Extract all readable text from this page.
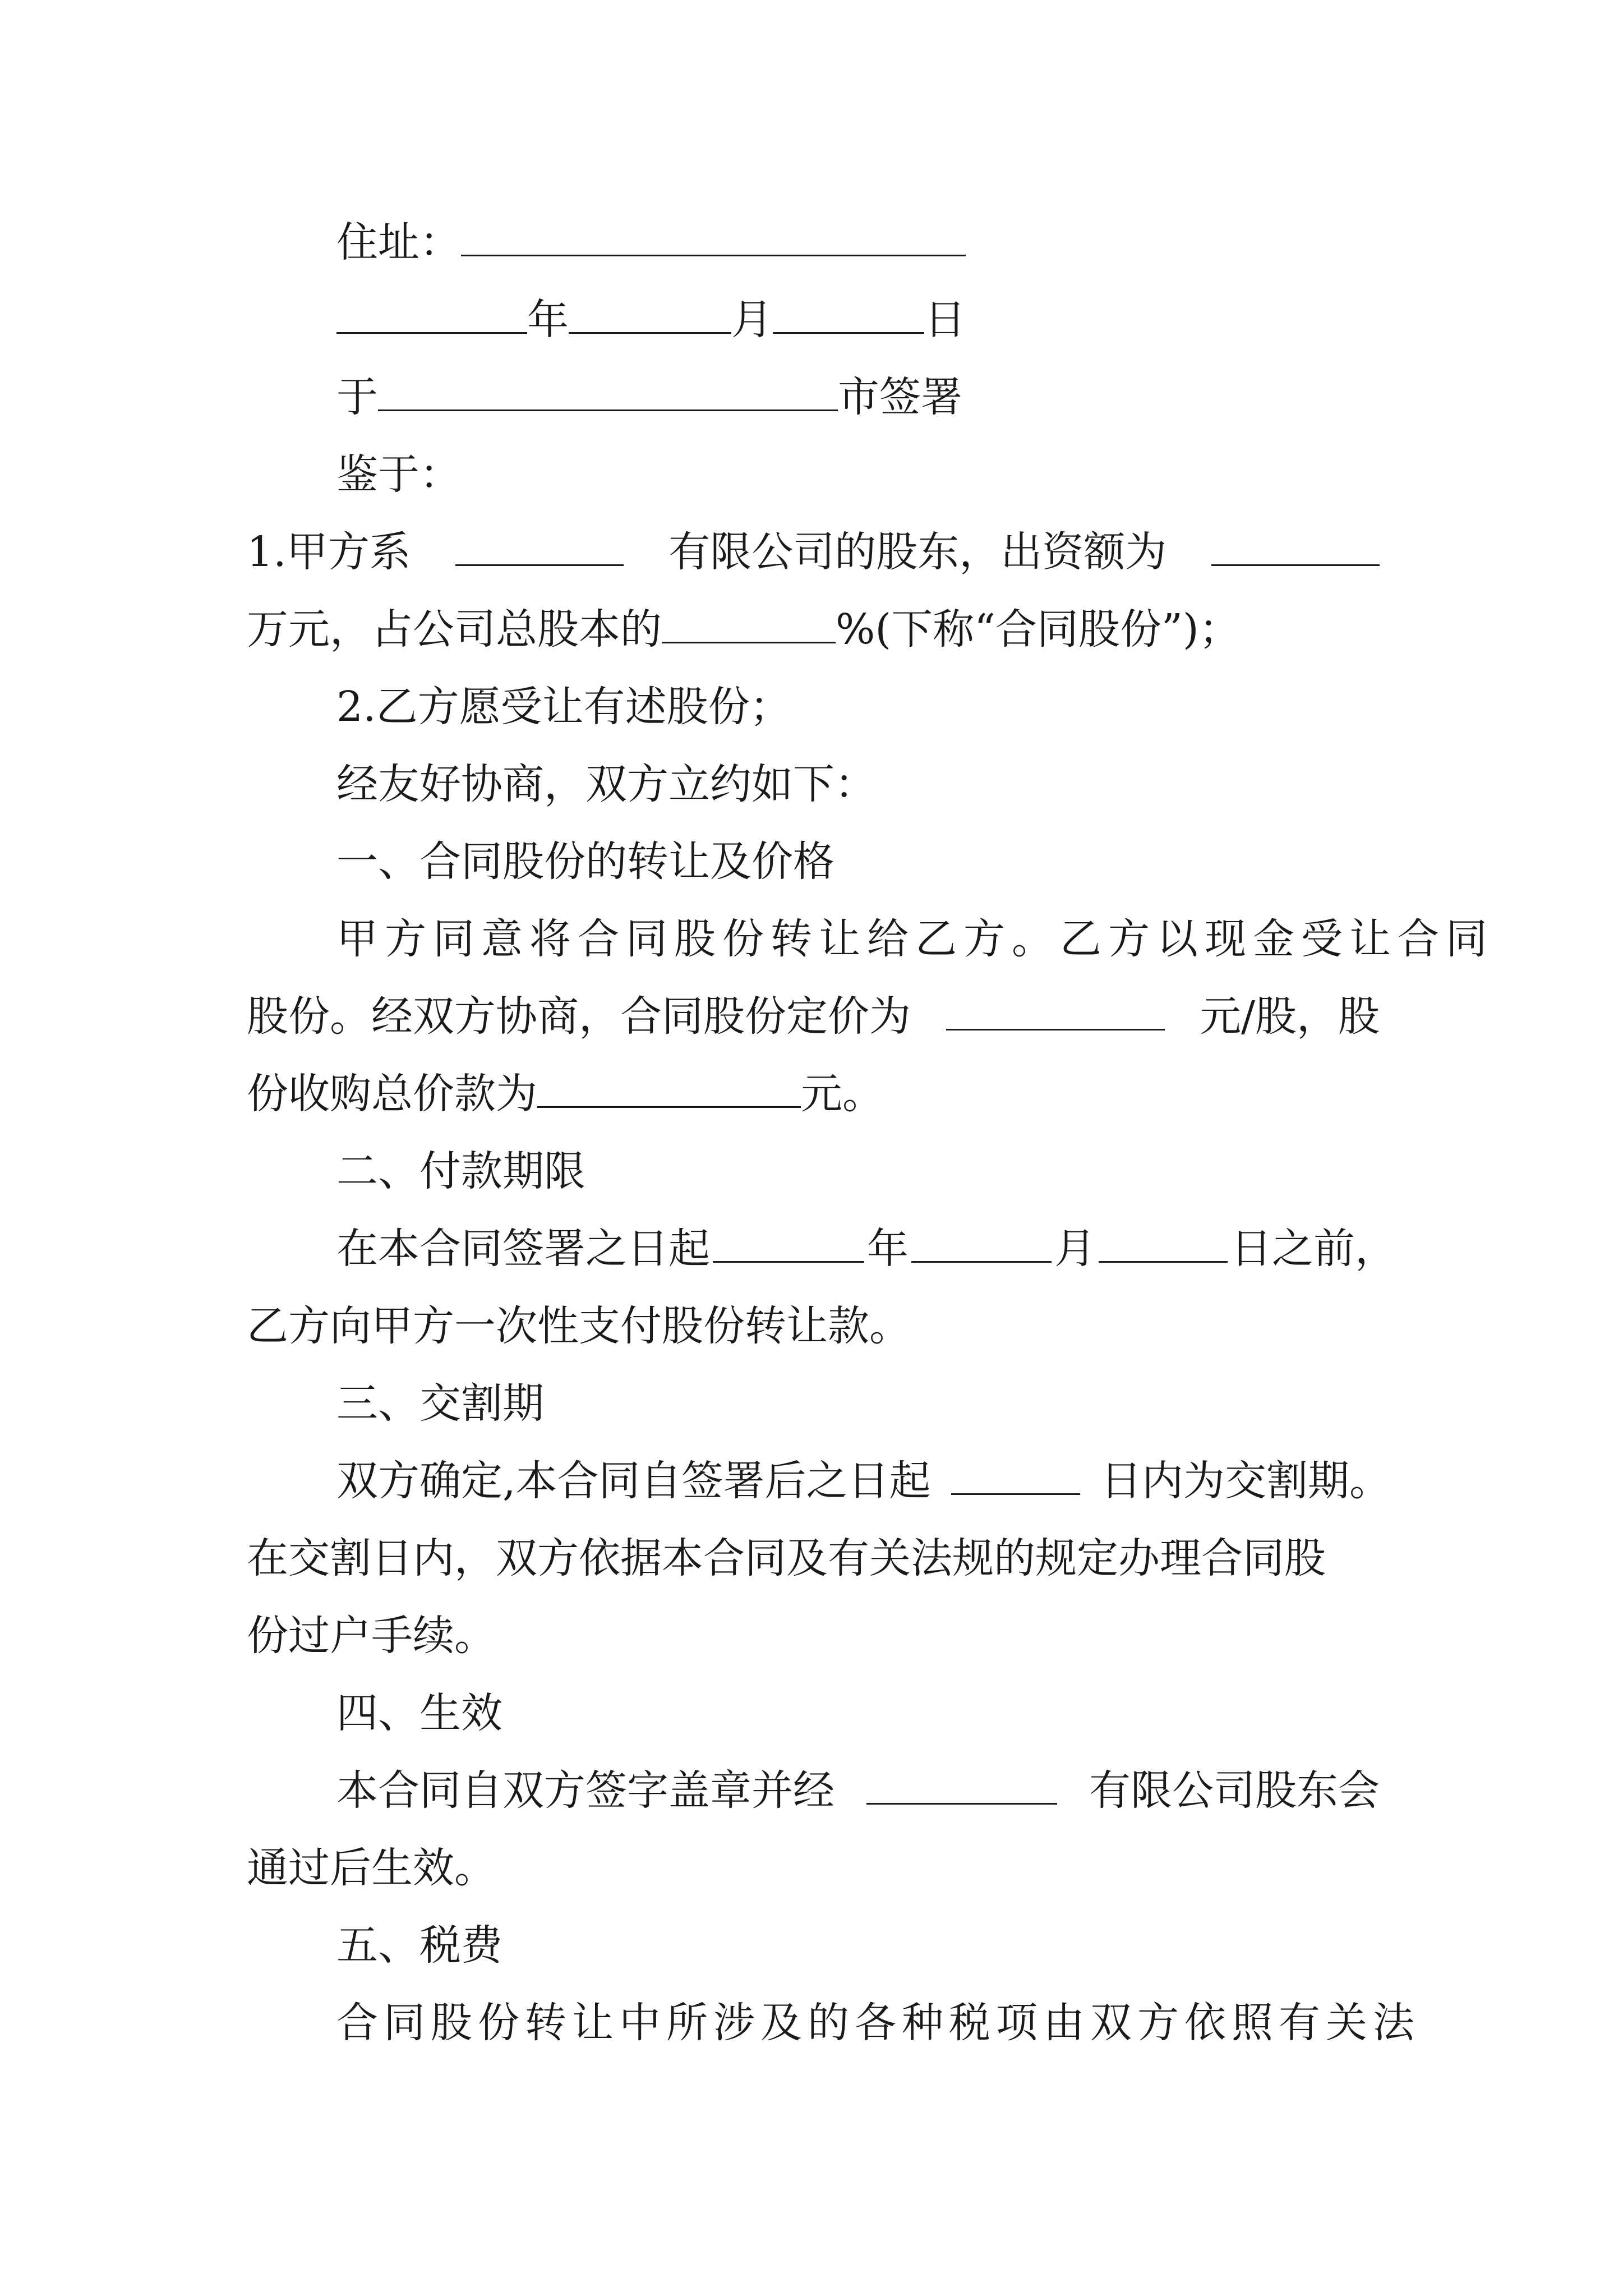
住址：
年	月	日
于	市签署
鉴于：
1.甲方系	有限公司的股东，出资额为
万元，占公司总股本的	%(下称“合同股份”)；
2.乙方愿受让有述股份；
经友好协商，双方立约如下：
一、合同股份的转让及价格
甲方同意将合同股份转让给乙方。乙方以现金受让合同
股份。经双方协商，合同股份定价为	元/股，股
份收购总价款为	元。
二、付款期限
在本合同签署之日起	年	月	日之前，
乙方向甲方一次性支付股份转让款。
三、交割期
双方确定,本合同自签署后之日起	日内为交割期。
在交割日内，双方依据本合同及有关法规的规定办理合同股
份过户手续。
四、生效
本合同自双方签字盖章并经	有限公司股东会
通过后生效。
五、税费
合同股份转让中所涉及的各种税项由双方依照有关法
